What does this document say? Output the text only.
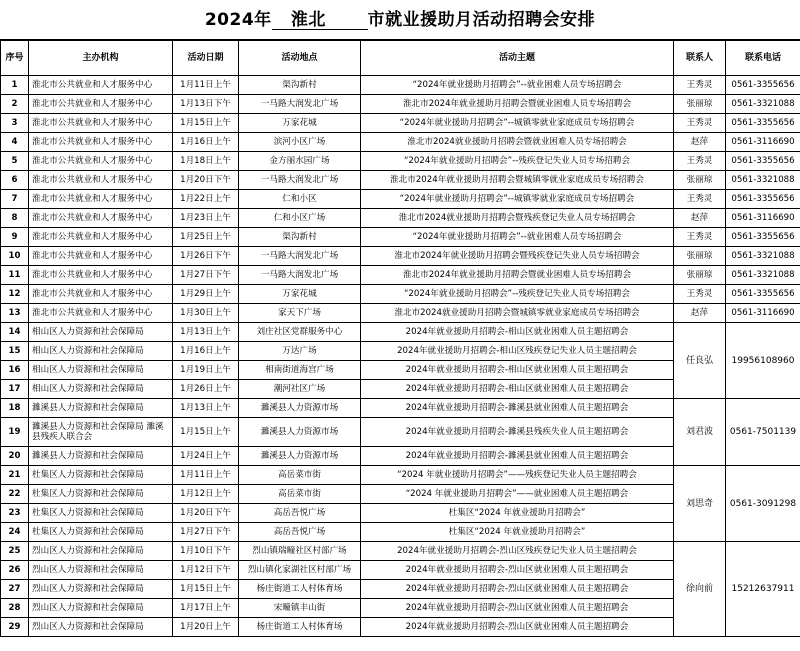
2024年 淮北 市就业援助月活动招聘会安排
序号	主办机构	活动日期	活动地点	活动主题	联系人	联系电话
1	淮北市公共就业和人才服务中心	1月11日上午	渠沟新村	“2024年就业援助月招聘会”--就业困难人员专场招聘会	王秀灵	0561-3355656
2	淮北市公共就业和人才服务中心	1月13日下午	一马路大润发北广场	淮北市2024年就业援助月招聘会暨就业困难人员专场招聘会	张丽琼	0561-3321088
3	淮北市公共就业和人才服务中心	1月15日上午	万家花城	“2024年就业援助月招聘会”--城镇零就业家庭成员专场招聘会	王秀灵	0561-3355656
4	淮北市公共就业和人才服务中心	1月16日上午	滨河小区广场	淮北市2024就业援助月招聘会暨就业困难人员专场招聘会	赵萍	0561-3116690
5	淮北市公共就业和人才服务中心	1月18日上午	金方丽水园广场	“2024年就业援助月招聘会”--残疾登记失业人员专场招聘会	王秀灵	0561-3355656
6	淮北市公共就业和人才服务中心	1月20日下午	一马路大润发北广场	淮北市2024年就业援助月招聘会暨城镇零就业家庭成员专场招聘会	张丽琼	0561-3321088
7	淮北市公共就业和人才服务中心	1月22日上午	仁和小区	“2024年就业援助月招聘会”--城镇零就业家庭成员专场招聘会	王秀灵	0561-3355656
8	淮北市公共就业和人才服务中心	1月23日上午	仁和小区广场	淮北市2024就业援助月招聘会暨残疾登记失业人员专场招聘会	赵萍	0561-3116690
9	淮北市公共就业和人才服务中心	1月25日上午	渠沟新村	“2024年就业援助月招聘会”--就业困难人员专场招聘会	王秀灵	0561-3355656
10	淮北市公共就业和人才服务中心	1月26日下午	一马路大润发北广场	淮北市2024年就业援助月招聘会暨残疾登记失业人员专场招聘会	张丽琼	0561-3321088
11	淮北市公共就业和人才服务中心	1月27日下午	一马路大润发北广场	淮北市2024年就业援助月招聘会暨就业困难人员专场招聘会	张丽琼	0561-3321088
12	淮北市公共就业和人才服务中心	1月29日上午	万家花城	“2024年就业援助月招聘会”--残疾登记失业人员专场招聘会	王秀灵	0561-3355656
13	淮北市公共就业和人才服务中心	1月30日上午	家天下广场	淮北市2024就业援助月招聘会暨城镇零就业家庭成员专场招聘会	赵萍	0561-3116690
14	相山区人力资源和社会保障局	1月13日上午	刘庄社区党群服务中心	2024年就业援助月招聘会-相山区就业困难人员主题招聘会	任良弘	19956108960
15	相山区人力资源和社会保障局	1月16日上午	万达广场	2024年就业援助月招聘会-相山区残疾登记失业人员主题招聘会		
16	相山区人力资源和社会保障局	1月19日上午	相南街道海宫广场	2024年就业援助月招聘会-相山区就业困难人员主题招聘会		
17	相山区人力资源和社会保障局	1月26日上午	潮河社区广场	2024年就业援助月招聘会-相山区就业困难人员主题招聘会		
18	濉溪县人力资源和社会保障局	1月13日上午	濉溪县人力资源市场	2024年就业援助月招聘会-濉溪县就业困难人员主题招聘会	刘君波	0561-7501139
19	濉溪县人力资源和社会保障局 濉溪县残疾人联合会	1月15日上午	濉溪县人力资源市场	2024年就业援助月招聘会-濉溪县残疾失业人员主题招聘会		
20	濉溪县人力资源和社会保障局	1月24日上午	濉溪县人力资源市场	2024年就业援助月招聘会-濉溪县就业困难人员主题招聘会		
21	杜集区人力资源和社会保障局	1月11日上午	高岳菜市街	“2024 年就业援助月招聘会”——残疾登记失业人员主题招聘会	刘思奇	0561-3091298
22	杜集区人力资源和社会保障局	1月12日上午	高岳菜市街	“2024 年就业援助月招聘会”——就业困难人员主题招聘会		
23	杜集区人力资源和社会保障局	1月20日下午	高岳吾悦广场	杜集区“2024 年就业援助月招聘会”		
24	杜集区人力资源和社会保障局	1月27日下午	高岳吾悦广场	杜集区“2024 年就业援助月招聘会”		
25	烈山区人力资源和社会保障局	1月10日下午	烈山镇瑞疃社区村部广场	2024年就业援助月招聘会-烈山区残疾登记失业人员主题招聘会	徐向前	15212637911
26	烈山区人力资源和社会保障局	1月12日下午	烈山镇化家湖社区村部广场	2024年就业援助月招聘会-烈山区就业困难人员主题招聘会		
27	烈山区人力资源和社会保障局	1月15日上午	杨庄街道工人村体育场	2024年就业援助月招聘会-烈山区就业困难人员主题招聘会		
28	烈山区人力资源和社会保障局	1月17日上午	宋疃镇丰山街	2024年就业援助月招聘会-烈山区就业困难人员主题招聘会		
29	烈山区人力资源和社会保障局	1月20日上午	杨庄街道工人村体育场	2024年就业援助月招聘会-烈山区就业困难人员主题招聘会		
